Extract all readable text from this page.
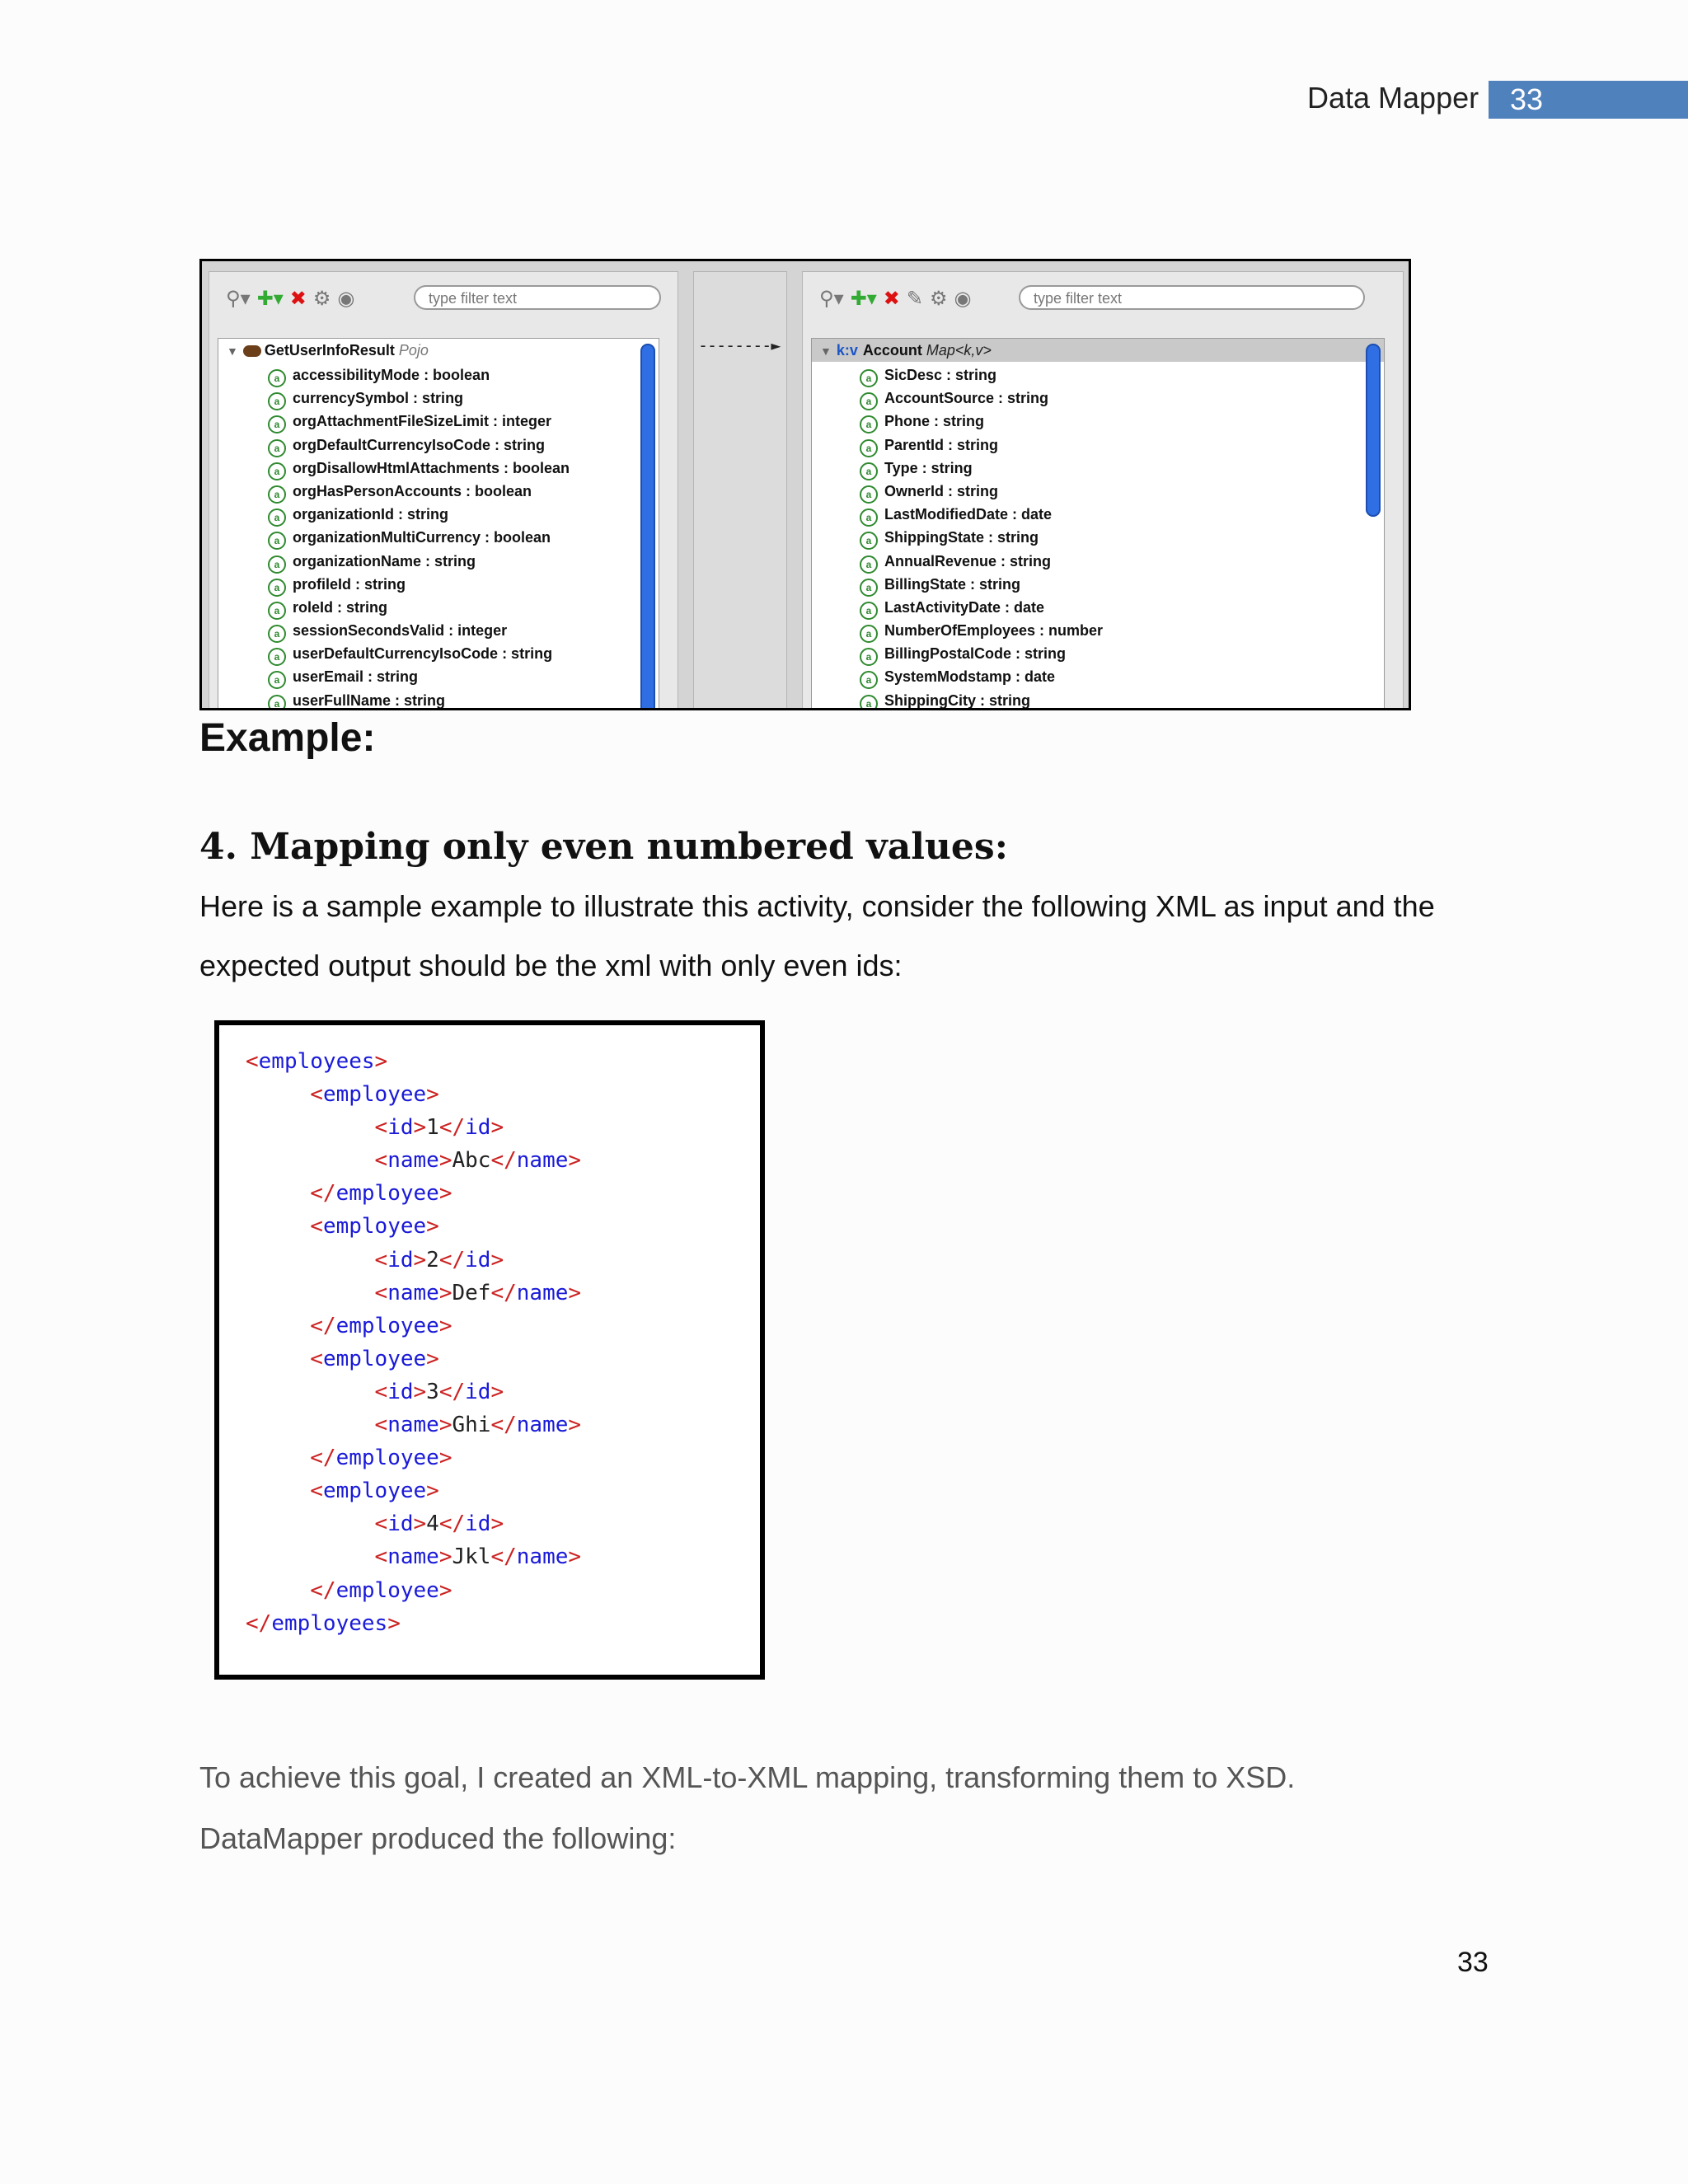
Data Mapper 33
⚲▾ ✚▾ ✖ ⚙ ◉	type filter text
▼ GetUserInfoResult Pojo
a accessibilityMode : boolean
a currencySymbol : string
a orgAttachmentFileSizeLimit : integer
a orgDefaultCurrencyIsoCode : string
a orgDisallowHtmlAttachments : boolean
a orgHasPersonAccounts : boolean
a organizationId : string
a organizationMultiCurrency : boolean
a organizationName : string
a profileId : string
a roleId : string
a sessionSecondsValid : integer
a userDefaultCurrencyIsoCode : string
a userEmail : string
a userFullName : string
--------►
⚲▾ ✚▾ ✖ ✎ ⚙ ◉	type filter text
▼ k:v Account Map<k,v>
a SicDesc : string
a AccountSource : string
a Phone : string
a ParentId : string
a Type : string
a OwnerId : string
a LastModifiedDate : date
a ShippingState : string
a AnnualRevenue : string
a BillingState : string
a LastActivityDate : date
a NumberOfEmployees : number
a BillingPostalCode : string
a SystemModstamp : date
a ShippingCity : string
Example:
4. Mapping only even numbered values:
Here is a sample example to illustrate this activity, consider the following XML as input and the expected output should be the xml with only even ids:
<employees>
<employee>
<id>1</id>
<name>Abc</name>
</employee>
<employee>
<id>2</id>
<name>Def</name>
</employee>
<employee>
<id>3</id>
<name>Ghi</name>
</employee>
<employee>
<id>4</id>
<name>Jkl</name>
</employee>
</employees>
To achieve this goal, I created an XML-to-XML mapping, transforming them to XSD.
DataMapper produced the following:
33
